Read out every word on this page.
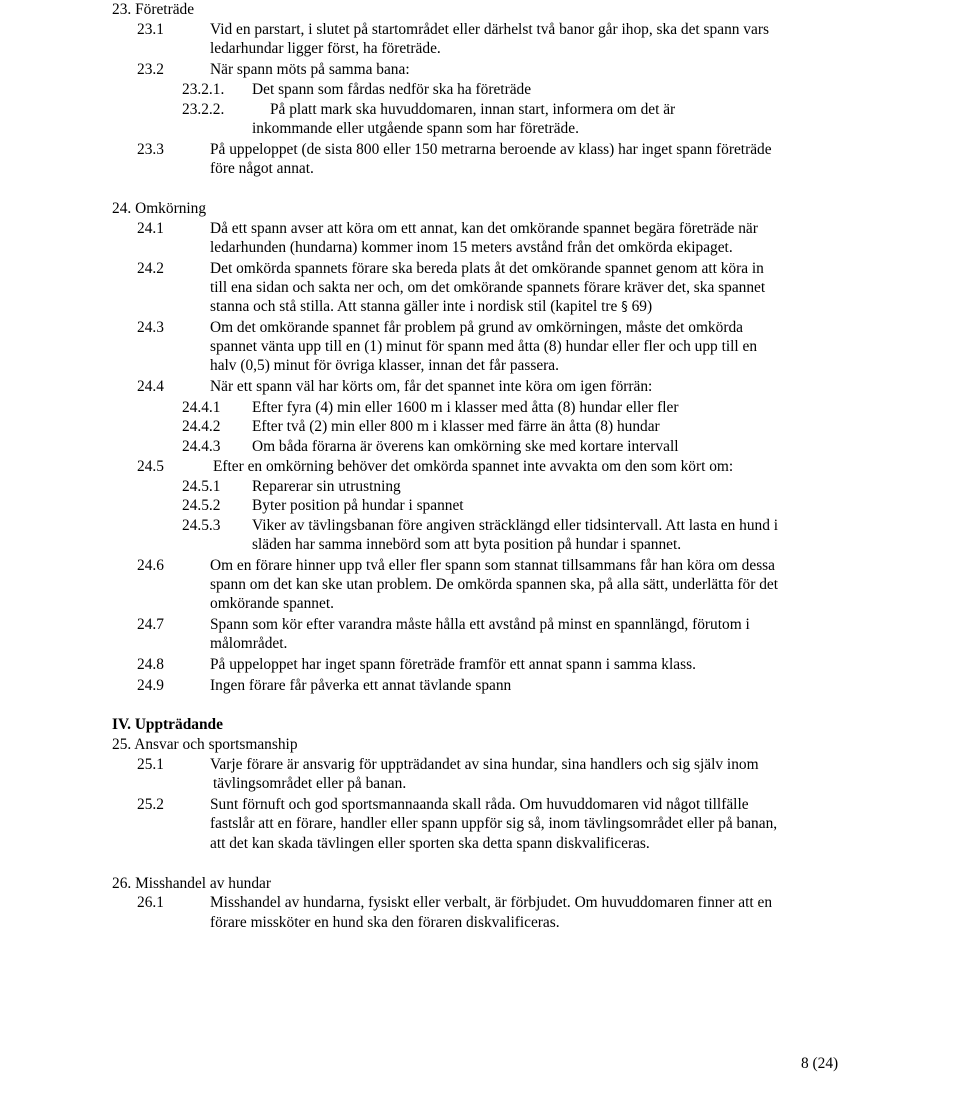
23. Företräde
23.1	Vid en parstart, i slutet på startområdet eller därhelst två banor går ihop, ska det spann vars
ledarhundar ligger först, ha företräde.
23.2	När spann möts på samma bana:
23.2.1. Det spann som fårdas nedför ska ha företräde
23.2.2.	På platt mark ska huvuddomaren, innan start, informera om det är
inkommande eller utgående spann som har företräde.
23.3	På uppeloppet (de sista 800 eller 150 metrarna beroende av klass) har inget spann företräde
före något annat.
24. Omkörning
24.1	Då ett spann avser att köra om ett annat, kan det omkörande spannet begära företräde när
ledarhunden (hundarna) kommer inom 15 meters avstånd från det omkörda ekipaget.
24.2	Det omkörda spannets förare ska bereda plats åt det omkörande spannet genom att köra in
till ena sidan och sakta ner och, om det omkörande spannets förare kräver det, ska spannet
stanna och stå stilla. Att stanna gäller inte i nordisk stil (kapitel tre § 69)
24.3	Om det omkörande spannet får problem på grund av omkörningen, måste det omkörda
spannet vänta upp till en (1) minut för spann med åtta (8) hundar eller fler och upp till en
halv (0,5) minut för övriga klasser, innan det får passera.
24.4	När ett spann väl har körts om, får det spannet inte köra om igen förrän:
24.4.1 Efter fyra (4) min eller 1600 m i klasser med åtta (8) hundar eller fler
24.4.2 Efter två (2) min eller 800 m i klasser med färre än åtta (8) hundar
24.4.3 Om båda förarna är överens kan omkörning ske med kortare intervall
24.5	Efter en omkörning behöver det omkörda spannet inte avvakta om den som kört om:
24.5.1 Reparerar sin utrustning
24.5.2 Byter position på hundar i spannet
24.5.3 Viker av tävlingsbanan före angiven sträcklängd eller tidsintervall. Att lasta en hund i
släden har samma innebörd som att byta position på hundar i spannet.
24.6	Om en förare hinner upp två eller fler spann som stannat tillsammans får han köra om dessa
spann om det kan ske utan problem. De omkörda spannen ska, på alla sätt, underlätta för det
omkörande spannet.
24.7	Spann som kör efter varandra måste hålla ett avstånd på minst en spannlängd, förutom i
målområdet.
24.8	På uppeloppet har inget spann företräde framför ett annat spann i samma klass.
24.9	Ingen förare får påverka ett annat tävlande spann
IV. Uppträdande
25. Ansvar och sportsmanship
25.1	Varje förare är ansvarig för uppträdandet av sina hundar, sina handlers och sig själv inom
tävlingsområdet eller på banan.
25.2	Sunt förnuft och god sportsmannaanda skall råda. Om huvuddomaren vid något tillfälle
fastslår att en förare, handler eller spann uppför sig så, inom tävlingsområdet eller på banan,
att det kan skada tävlingen eller sporten ska detta spann diskvalificeras.
26. Misshandel av hundar
26.1	Misshandel av hundarna, fysiskt eller verbalt, är förbjudet. Om huvuddomaren finner att en
förare missköter en hund ska den föraren diskvalificeras.
8 (24)
